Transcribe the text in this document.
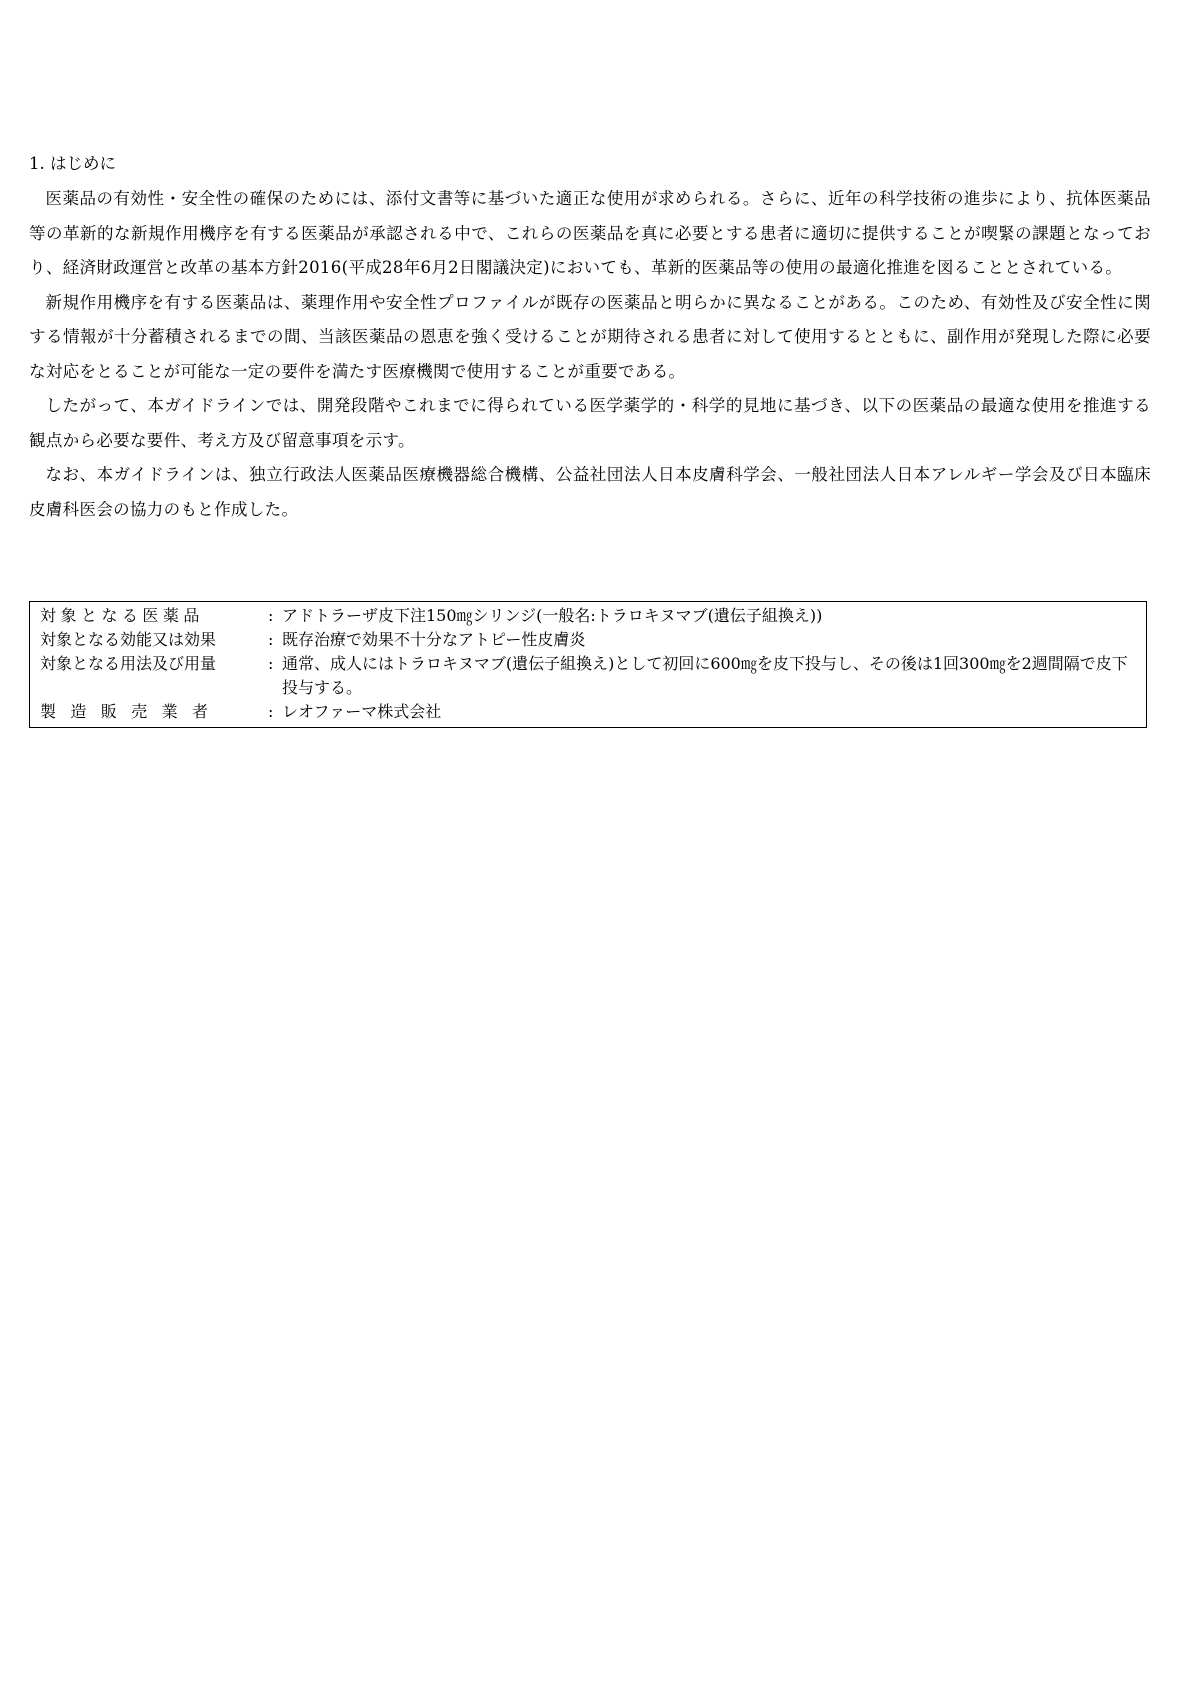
1. はじめに

医薬品の有効性・安全性の確保のためには、添付文書等に基づいた適正な使用が求められる。さらに、近年の科学技術の進歩により、抗体医薬品等の革新的な新規作用機序を有する医薬品が承認される中で、これらの医薬品を真に必要とする患者に適切に提供することが喫緊の課題となっており、経済財政運営と改革の基本方針2016(平成28年6月2日閣議決定)においても、革新的医薬品等の使用の最適化推進を図ることとされている。

新規作用機序を有する医薬品は、薬理作用や安全性プロファイルが既存の医薬品と明らかに異なることがある。このため、有効性及び安全性に関する情報が十分蓄積されるまでの間、当該医薬品の恩恵を強く受けることが期待される患者に対して使用するとともに、副作用が発現した際に必要な対応をとることが可能な一定の要件を満たす医療機関で使用することが重要である。

したがって、本ガイドラインでは、開発段階やこれまでに得られている医学薬学的・科学的見地に基づき、以下の医薬品の最適な使用を推進する観点から必要な要件、考え方及び留意事項を示す。

なお、本ガイドラインは、独立行政法人医薬品医療機器総合機構、公益社団法人日本皮膚科学会、一般社団法人日本アレルギー学会及び日本臨床皮膚科医会の協力のもと作成した。

対象となる医薬品	: アドトラーザ皮下注150㎎シリンジ(一般名:トラロキヌマブ(遺伝子組換え))
対象となる効能又は効果	: 既存治療で効果不十分なアトピー性皮膚炎
対象となる用法及び用量	: 通常、成人にはトラロキヌマブ(遺伝子組換え)として初回に600㎎を皮下投与し、その後は1回300㎎を2週間隔で皮下投与する。
製造販売業者	: レオファーマ株式会社
